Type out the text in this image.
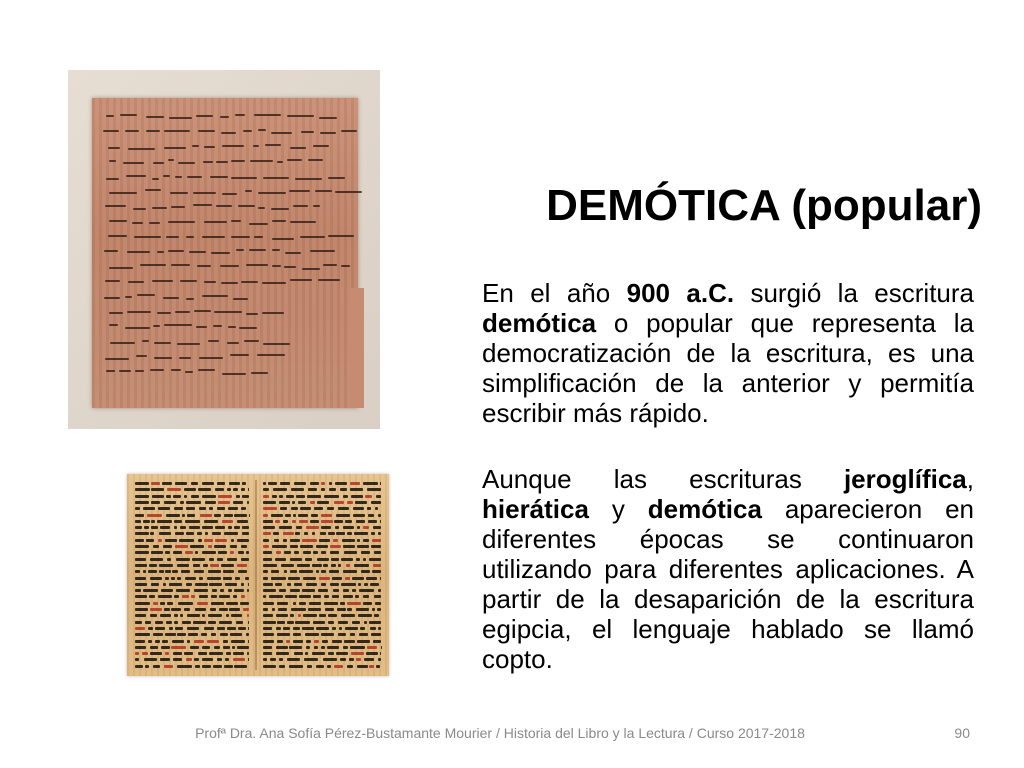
DEMÓTICA (popular)
En el año 900 a.C. surgió la escritura demótica o popular que representa la democratización de la escritura, es una simplificación de la anterior y permitía escribir más rápido.
Aunque las escrituras jeroglífica, hierática y demótica aparecieron en diferentes épocas se continuaron utilizando para diferentes aplicaciones. A partir de la desaparición de la escritura egipcia, el lenguaje hablado se llamó copto.
Profª Dra. Ana Sofía Pérez-Bustamante Mourier / Historia del Libro y la Lectura / Curso 2017-2018	90
